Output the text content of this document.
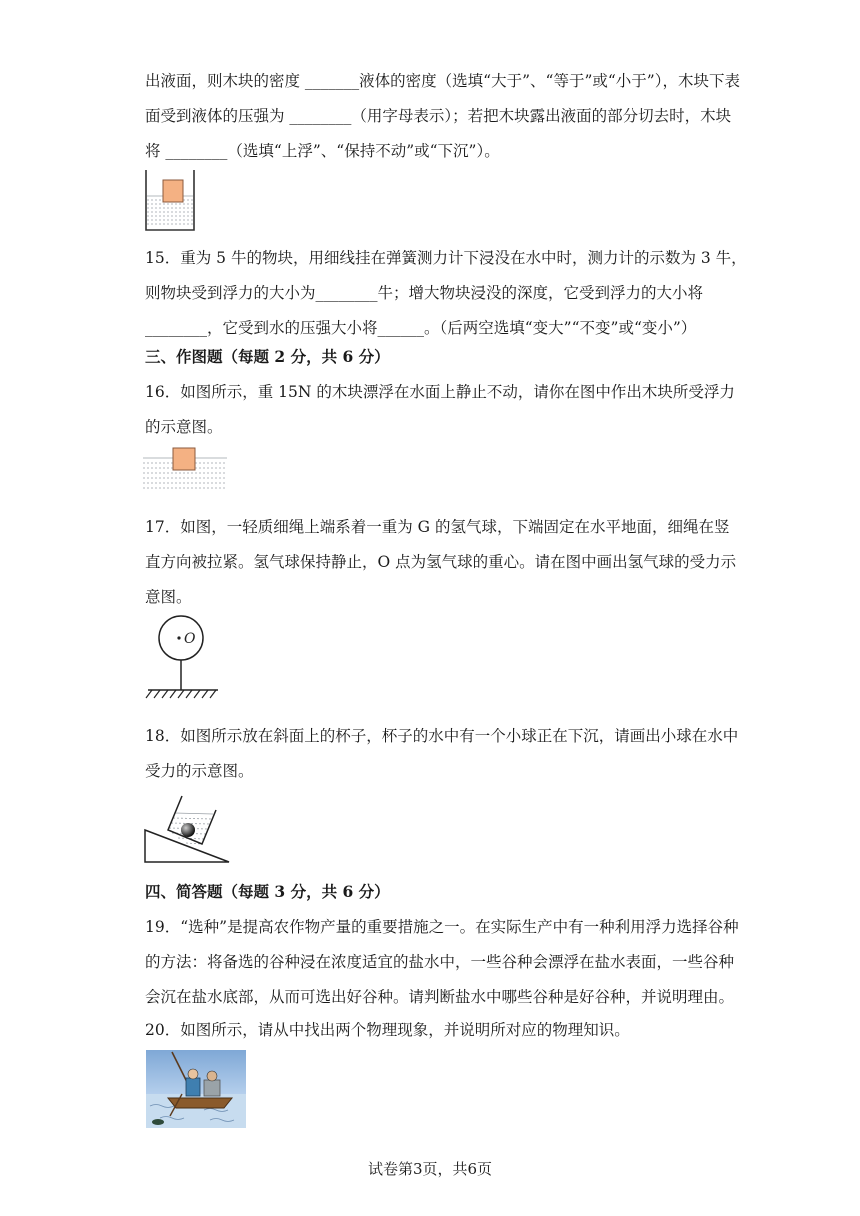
出液面，则木块的密度 _______液体的密度（选填“大于”、“等于”或“小于”），木块下表
面受到液体的压强为 ________（用字母表示）；若把木块露出液面的部分切去时，木块
将 ________（选填“上浮”、“保持不动”或“下沉”）。
15．重为 5 牛的物块，用细线挂在弹簧测力计下浸没在水中时，测力计的示数为 3 牛，
则物块受到浮力的大小为________牛；增大物块浸没的深度，它受到浮力的大小将
________，它受到水的压强大小将______。（后两空选填“变大”“不变”或“变小”）
三、作图题（每题 2 分，共 6 分）
16．如图所示，重 15N 的木块漂浮在水面上静止不动，请你在图中作出木块所受浮力
的示意图。
17．如图，一轻质细绳上端系着一重为 G 的氢气球，下端固定在水平地面，细绳在竖
直方向被拉紧。氢气球保持静止，O 点为氢气球的重心。请在图中画出氢气球的受力示
意图。
O
18．如图所示放在斜面上的杯子，杯子的水中有一个小球正在下沉，请画出小球在水中
受力的示意图。
四、简答题（每题 3 分，共 6 分）
19．“选种”是提高农作物产量的重要措施之一。在实际生产中有一种利用浮力选择谷种
的方法：将备选的谷种浸在浓度适宜的盐水中，一些谷种会漂浮在盐水表面，一些谷种
会沉在盐水底部，从而可选出好谷种。请判断盐水中哪些谷种是好谷种，并说明理由。
20．如图所示，请从中找出两个物理现象，并说明所对应的物理知识。
试卷第3页，共6页
